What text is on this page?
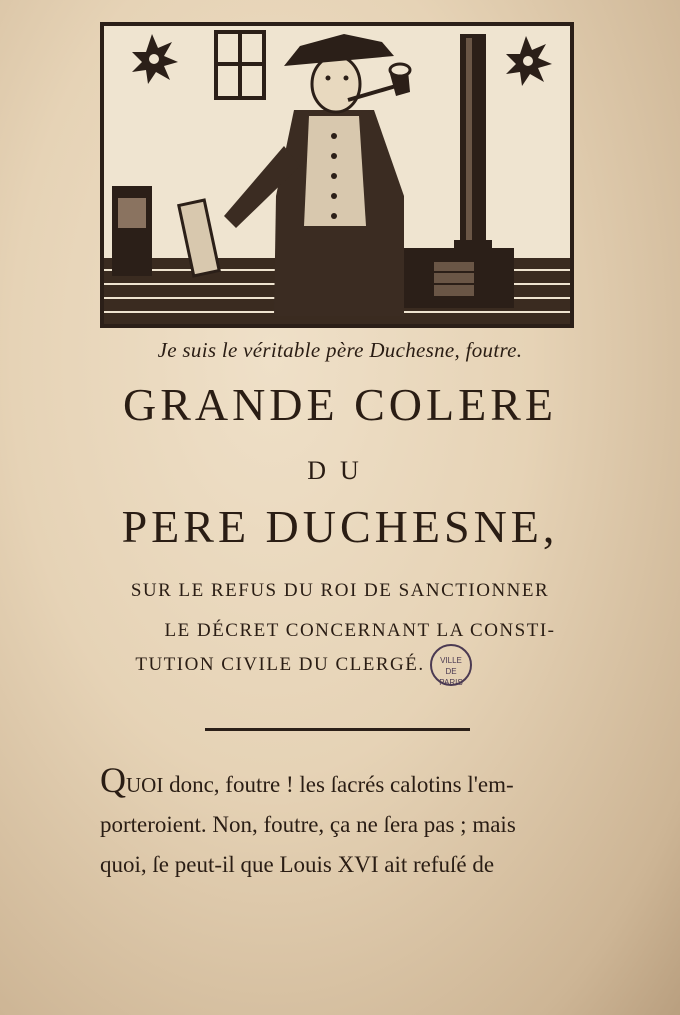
Je suis le véritable père Duchesne, foutre.
GRANDE COLERE
DU
PERE DUCHESNE,
SUR LE REFUS DU ROI DE SANCTIONNER
LE DÉCRET CONCERNANT LA CONSTI-
TUTION CIVILE DU CLERGÉ.	VILLE
DE
PARIS
QUOI donc, foutre ! les ſacrés calotins l'em-
porteroient. Non, foutre, ça ne ſera pas ; mais
quoi, ſe peut-il que Louis XVI ait refuſé de
